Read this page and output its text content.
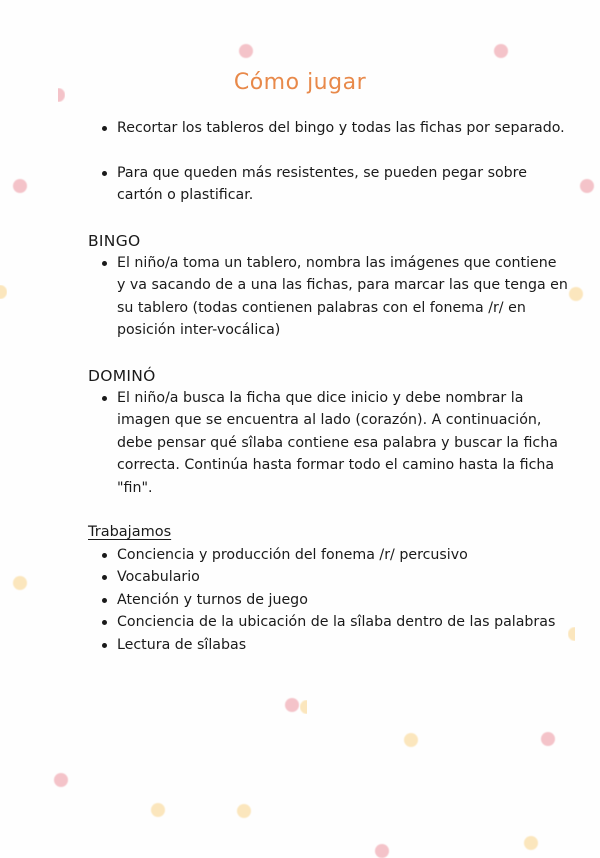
Cómo jugar
Recortar los tableros del bingo y todas las fichas por separado.
Para que queden más resistentes, se pueden pegar sobre cartón o plastificar.
BINGO
El niño/a toma un tablero, nombra las imágenes que contiene y va sacando de a una las fichas, para marcar las que tenga en su tablero (todas contienen palabras con el fonema /r/ en posición inter-vocálica)
DOMINÓ
El niño/a busca la ficha que dice inicio y debe nombrar la imagen que se encuentra al lado (corazón). A continuación, debe pensar qué sîlaba contiene esa palabra y buscar la ficha correcta. Continúa hasta formar todo el camino hasta la ficha "fin".
Trabajamos
Conciencia y producción del fonema /r/ percusivo
Vocabulario
Atención y turnos de juego
Conciencia de la ubicación de la sîlaba dentro de las palabras
Lectura de sîlabas
